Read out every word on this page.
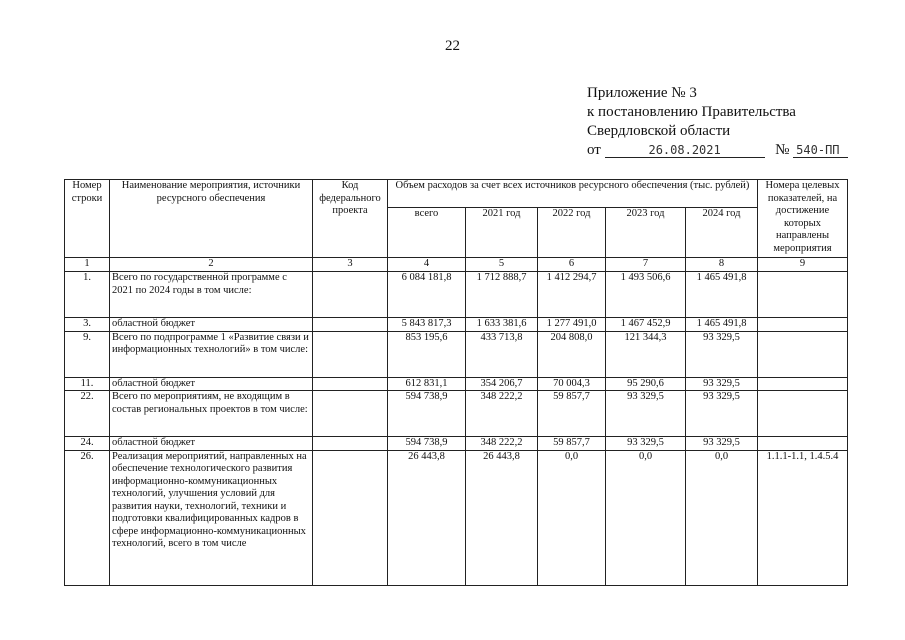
22
Приложение № 3
к постановлению Правительства
Свердловской области
от	26.08.2021	№ 540-ПП
Номер строки	Наименование мероприятия, источники ресурсного обеспечения	Код федерального проекта	Объем расходов за счет всех источников ресурсного обеспечения (тыс. рублей)					Номера целевых показателей, на достижение которых направлены мероприятия
			всего	2021 год	2022 год	2023 год	2024 год	
1	2	3	4	5	6	7	8	9
1.	Всего по государственной программе с 2021 по 2024 годы в том числе:		6 084 181,8	1 712 888,7	1 412 294,7	1 493 506,6	1 465 491,8	
3.	областной бюджет		5 843 817,3	1 633 381,6	1 277 491,0	1 467 452,9	1 465 491,8	
9.	Всего по подпрограмме 1 «Развитие связи и информационных технологий» в том числе:		853 195,6	433 713,8	204 808,0	121 344,3	93 329,5	
11.	областной бюджет		612 831,1	354 206,7	70 004,3	95 290,6	93 329,5	
22.	Всего по мероприятиям, не входящим в состав региональных проектов в том числе:		594 738,9	348 222,2	59 857,7	93 329,5	93 329,5	
24.	областной бюджет		594 738,9	348 222,2	59 857,7	93 329,5	93 329,5	
26.	Реализация мероприятий, направленных на обеспечение технологического развития информационно-коммуникационных технологий, улучшения условий для развития науки, технологий, техники и подготовки квалифицированных кадров в сфере информационно-коммуникационных технологий, всего в том числе		26 443,8	26 443,8	0,0	0,0	0,0	1.1.1-1.1, 1.4.5.4
